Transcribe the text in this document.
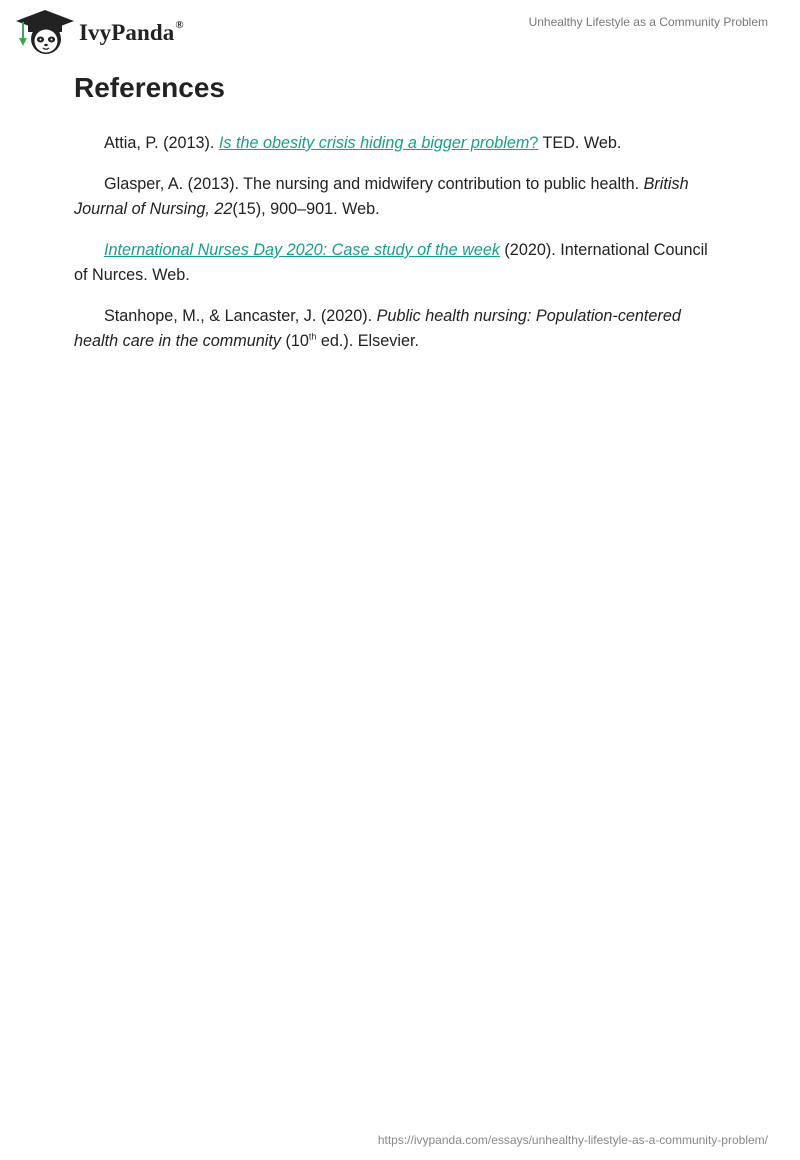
IvyPanda®	Unhealthy Lifestyle as a Community Problem
References

Attia, P. (2013). Is the obesity crisis hiding a bigger problem? TED. Web.

Glasper, A. (2013). The nursing and midwifery contribution to public health. British Journal of Nursing, 22(15), 900–901. Web.

International Nurses Day 2020: Case study of the week (2020). International Council of Nurces. Web.

Stanhope, M., & Lancaster, J. (2020). Public health nursing: Population-centered health care in the community (10th ed.). Elsevier.

https://ivypanda.com/essays/unhealthy-lifestyle-as-a-community-problem/
